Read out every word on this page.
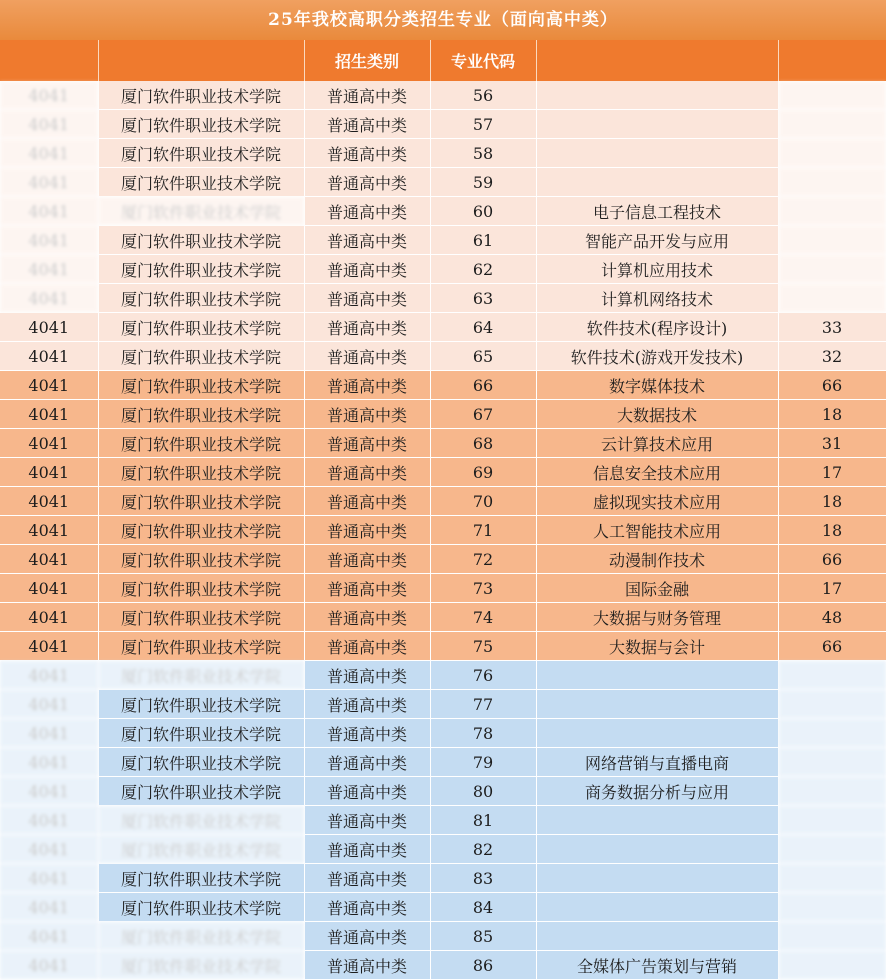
25年我校高职分类招生专业（面向高中类）
		招生类别	专业代码		
4041	厦门软件职业技术学院	普通高中类	56		
4041	厦门软件职业技术学院	普通高中类	57		
4041	厦门软件职业技术学院	普通高中类	58		
4041	厦门软件职业技术学院	普通高中类	59		
4041	厦门软件职业技术学院	普通高中类	60	电子信息工程技术	
4041	厦门软件职业技术学院	普通高中类	61	智能产品开发与应用	
4041	厦门软件职业技术学院	普通高中类	62	计算机应用技术	
4041	厦门软件职业技术学院	普通高中类	63	计算机网络技术	
4041	厦门软件职业技术学院	普通高中类	64	软件技术(程序设计)	33
4041	厦门软件职业技术学院	普通高中类	65	软件技术(游戏开发技术)	32
4041	厦门软件职业技术学院	普通高中类	66	数字媒体技术	66
4041	厦门软件职业技术学院	普通高中类	67	大数据技术	18
4041	厦门软件职业技术学院	普通高中类	68	云计算技术应用	31
4041	厦门软件职业技术学院	普通高中类	69	信息安全技术应用	17
4041	厦门软件职业技术学院	普通高中类	70	虚拟现实技术应用	18
4041	厦门软件职业技术学院	普通高中类	71	人工智能技术应用	18
4041	厦门软件职业技术学院	普通高中类	72	动漫制作技术	66
4041	厦门软件职业技术学院	普通高中类	73	国际金融	17
4041	厦门软件职业技术学院	普通高中类	74	大数据与财务管理	48
4041	厦门软件职业技术学院	普通高中类	75	大数据与会计	66
4041	厦门软件职业技术学院	普通高中类	76		
4041	厦门软件职业技术学院	普通高中类	77		
4041	厦门软件职业技术学院	普通高中类	78		
4041	厦门软件职业技术学院	普通高中类	79	网络营销与直播电商	
4041	厦门软件职业技术学院	普通高中类	80	商务数据分析与应用	
4041	厦门软件职业技术学院	普通高中类	81		
4041	厦门软件职业技术学院	普通高中类	82		
4041	厦门软件职业技术学院	普通高中类	83		
4041	厦门软件职业技术学院	普通高中类	84		
4041	厦门软件职业技术学院	普通高中类	85		
4041	厦门软件职业技术学院	普通高中类	86	全媒体广告策划与营销	
